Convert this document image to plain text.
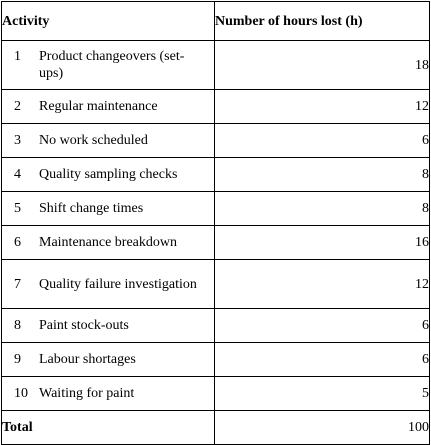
Activity	Number of hours lost (h)

1 Product changeovers (set-ups)	18

2 Regular maintenance	12

3 No work scheduled	6

4 Quality sampling checks	8

5 Shift change times	8

6 Maintenance breakdown	16

7 Quality failure investigation	12

8 Paint stock-outs	6

9 Labour shortages	6

10 Waiting for paint	5
Total	100
